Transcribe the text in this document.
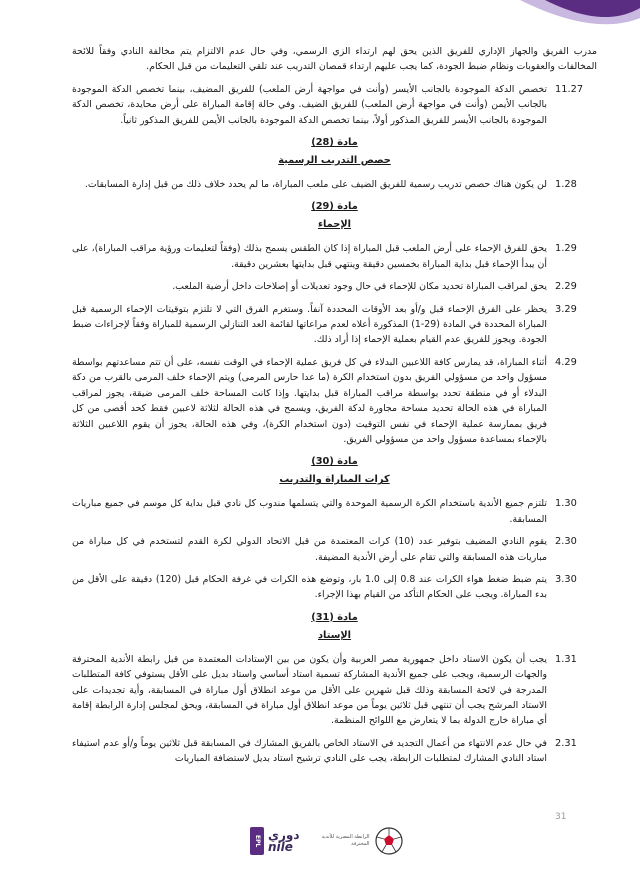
مدرب الفريق والجهاز الإداري للفريق الذين يحق لهم ارتداء الزي الرسمي، وفي حال عدم الالتزام يتم مخالفة النادي وفقاً للائحة المخالفات والعقوبات ونظام ضبط الجودة، كما يجب عليهم ارتداء قمصان التدريب عند تلقي التعليمات من قبل الحكام.

11.27
تخصص الدكة الموجودة بالجانب الأيسر (وأنت في مواجهة أرض الملعب) للفريق المضيف، بينما تخصص الدكة الموجودة بالجانب الأيمن (وأنت في مواجهة أرض الملعب) للفريق الضيف. وفي حالة إقامة المباراة على أرض محايدة، تخصص الدكة الموجودة بالجانب الأيسر للفريق المذكور أولاً، بينما تخصص الدكة الموجودة بالجانب الأيمن للفريق المذكور ثانياً.
مادة (28)
حصص التدريب الرسمية
1.28
لن يكون هناك حصص تدريب رسمية للفريق الضيف على ملعب المباراة، ما لم يحدد خلاف ذلك من قبل إدارة المسابقات.
مادة (29)
الإحماء
1.29
يحق للفرق الإحماء على أرض الملعب قبل المباراة إذا كان الطقس يسمح بذلك (وفقاً لتعليمات ورؤية مراقب المباراة)، على أن يبدأ الإحماء قبل بداية المباراة بخمسين دقيقة وينتهي قبل بدايتها بعشرين دقيقة.
2.29
يحق لمراقب المباراة تحديد مكان للإحماء في حال وجود تعديلات أو إصلاحات داخل أرضية الملعب.
3.29
يحظر على الفرق الإحماء قبل و/أو بعد الأوقات المحددة آنفاً. وستغرم الفرق التي لا تلتزم بتوقيتات الإحماء الرسمية قبل المباراة المحددة في المادة (29-1) المذكورة أعلاه لعدم مراعاتها لقائمة العد التنازلي الرسمية للمباراة وفقاً لإجراءات ضبط الجودة. ويجوز للفريق عدم القيام بعملية الإحماء إذا أراد ذلك.
4.29
أثناء المباراة، قد يمارس كافة اللاعبين البدلاء في كل فريق عملية الإحماء في الوقت نفسه، على أن تتم مساعدتهم بواسطة مسؤول واحد من مسؤولي الفريق بدون استخدام الكرة (ما عدا حارس المرمى) ويتم الإحماء خلف المرمى بالقرب من دكة البدلاء أو في منطقة تحدد بواسطة مراقب المباراة قبل بدايتها. وإذا كانت المساحة خلف المرمى ضيقة، يجوز لمراقب المباراة في هذه الحالة تحديد مساحة مجاورة لدكة الفريق، ويسمح في هذه الحالة لثلاثة لاعبين فقط كحد أقصى من كل فريق بممارسة عملية الإحماء في نفس التوقيت (دون استخدام الكرة)، وفي هذه الحالة، يجوز أن يقوم اللاعبين الثلاثة بالإحماء بمساعدة مسؤول واحد من مسؤولي الفريق.
مادة (30)
كرات المباراة والتدريب
1.30
تلتزم جميع الأندية باستخدام الكرة الرسمية الموحدة والتي يتسلمها مندوب كل نادي قبل بداية كل موسم في جميع مباريات المسابقة.
2.30
يقوم النادي المضيف بتوفير عدد (10) كرات المعتمدة من قبل الاتحاد الدولي لكرة القدم لتستخدم في كل مباراة من مباريات هذه المسابقة والتي تقام على أرض الأندية المضيفة.
3.30
يتم ضبط ضغط هواء الكرات عند 0.8 إلى 1.0 بار، وتوضع هذه الكرات في غرفة الحكام قبل (120) دقيقة على الأقل من بدء المباراة. ويجب على الحكام التأكد من القيام بهذا الإجراء.
مادة (31)
الإستاد
1.31
يجب أن يكون الاستاد داخل جمهورية مصر العربية وأن يكون من بين الإستادات المعتمدة من قبل رابطة الأندية المحترفة والجهات الرسمية، ويجب على جميع الأندية المشاركة تسمية استاد أساسي واستاد بديل على الأقل يستوفي كافة المتطلبات المدرجة في لائحة المسابقة وذلك قبل شهرين على الأقل من موعد انطلاق أول مباراة في المسابقة، وأية تجديدات على الاستاد المرشح يجب أن تنتهي قبل ثلاثين يوماً من موعد انطلاق أول مباراة في المسابقة، ويحق لمجلس إدارة الرابطة إقامة أي مباراة خارج الدولة بما لا يتعارض مع اللوائح المنظمة.
2.31
في حال عدم الانتهاء من أعمال التجديد في الاستاد الخاص بالفريق المشارك في المسابقة قبل ثلاثين يوماً و/أو عدم استيفاء استاد النادي المشارك لمتطلبات الرابطة، يجب على النادي ترشيح استاد بديل لاستضافة المباريات
31
EPL دوري
nile
الرابطة المصرية للأندية المحترفة
